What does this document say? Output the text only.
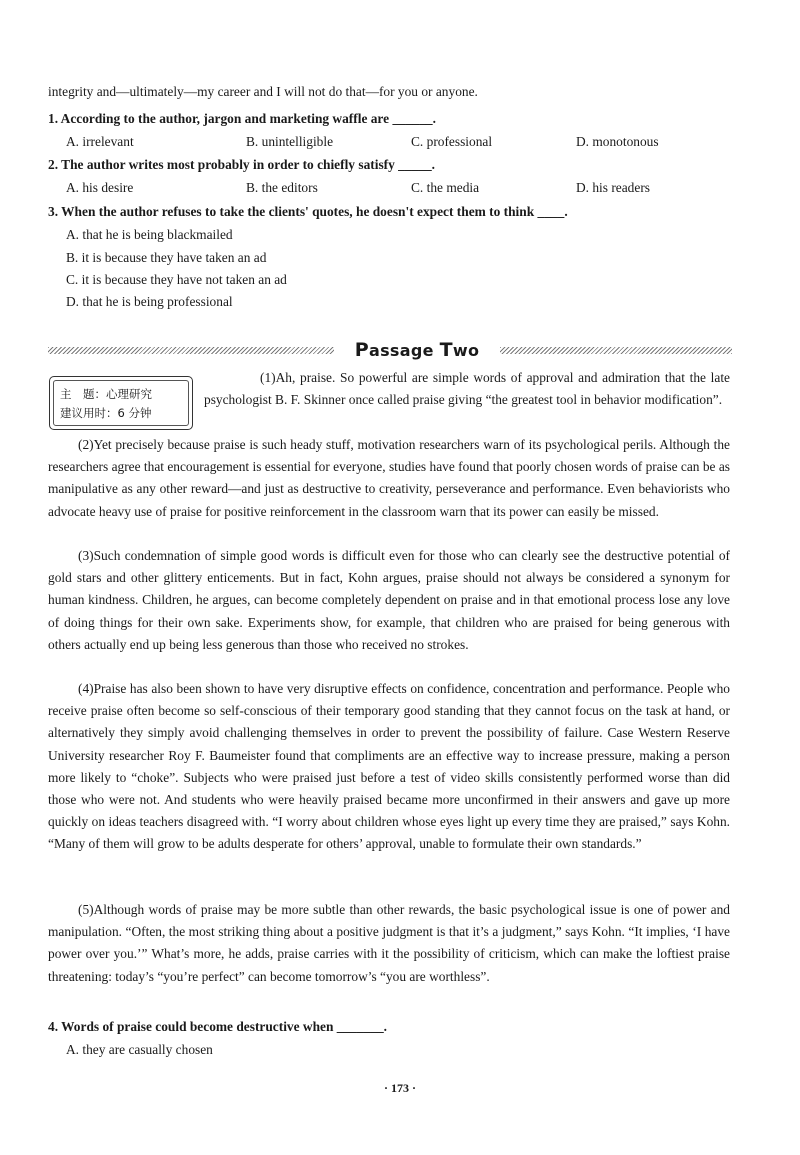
integrity and—ultimately—my career and I will not do that—for you or anyone.
1. According to the author, jargon and marketing waffle are ______.
A. irrelevant	B. unintelligible	C. professional	D. monotonous
2. The author writes most probably in order to chiefly satisfy _____.
A. his desire	B. the editors	C. the media	D. his readers
3. When the author refuses to take the clients' quotes, he doesn't expect them to think ____.
A. that he is being blackmailed
B. it is because they have taken an ad
C. it is because they have not taken an ad
D. that he is being professional
Passage Two
主　题：心理研究
建议用时：6 分钟
(1)Ah, praise. So powerful are simple words of approval and admiration that the late psychologist B. F. Skinner once called praise giving “the greatest tool in behavior modification”.
(2)Yet precisely because praise is such heady stuff, motivation researchers warn of its psychological perils. Although the researchers agree that encouragement is essential for everyone, studies have found that poorly chosen words of praise can be as manipulative as any other reward—and just as destructive to creativity, perseverance and performance. Even behaviorists who advocate heavy use of praise for positive reinforcement in the classroom warn that its power can easily be missed.
(3)Such condemnation of simple good words is difficult even for those who can clearly see the destructive potential of gold stars and other glittery enticements. But in fact, Kohn argues, praise should not always be considered a synonym for human kindness. Children, he argues, can become completely dependent on praise and in that emotional process lose any love of doing things for their own sake. Experiments show, for example, that children who are praised for being generous with others actually end up being less generous than those who received no strokes.
(4)Praise has also been shown to have very disruptive effects on confidence, concentration and performance. People who receive praise often become so self-conscious of their temporary good standing that they cannot focus on the task at hand, or alternatively they simply avoid challenging themselves in order to prevent the possibility of failure. Case Western Reserve University researcher Roy F. Baumeister found that compliments are an effective way to increase pressure, making a person more likely to “choke”. Subjects who were praised just before a test of video skills consistently performed worse than did those who were not. And students who were heavily praised became more unconfirmed in their answers and gave up more quickly on ideas teachers disagreed with. “I worry about children whose eyes light up every time they are praised,” says Kohn. “Many of them will grow to be adults desperate for others’ approval, unable to formulate their own standards.”
(5)Although words of praise may be more subtle than other rewards, the basic psychological issue is one of power and manipulation. “Often, the most striking thing about a positive judgment is that it’s a judgment,” says Kohn. “It implies, ‘I have power over you.’” What’s more, he adds, praise carries with it the possibility of criticism, which can make the loftiest praise threatening: today’s “you’re perfect” can become tomorrow’s “you are worthless”.
4. Words of praise could become destructive when _______.
A. they are casually chosen
· 173 ·
